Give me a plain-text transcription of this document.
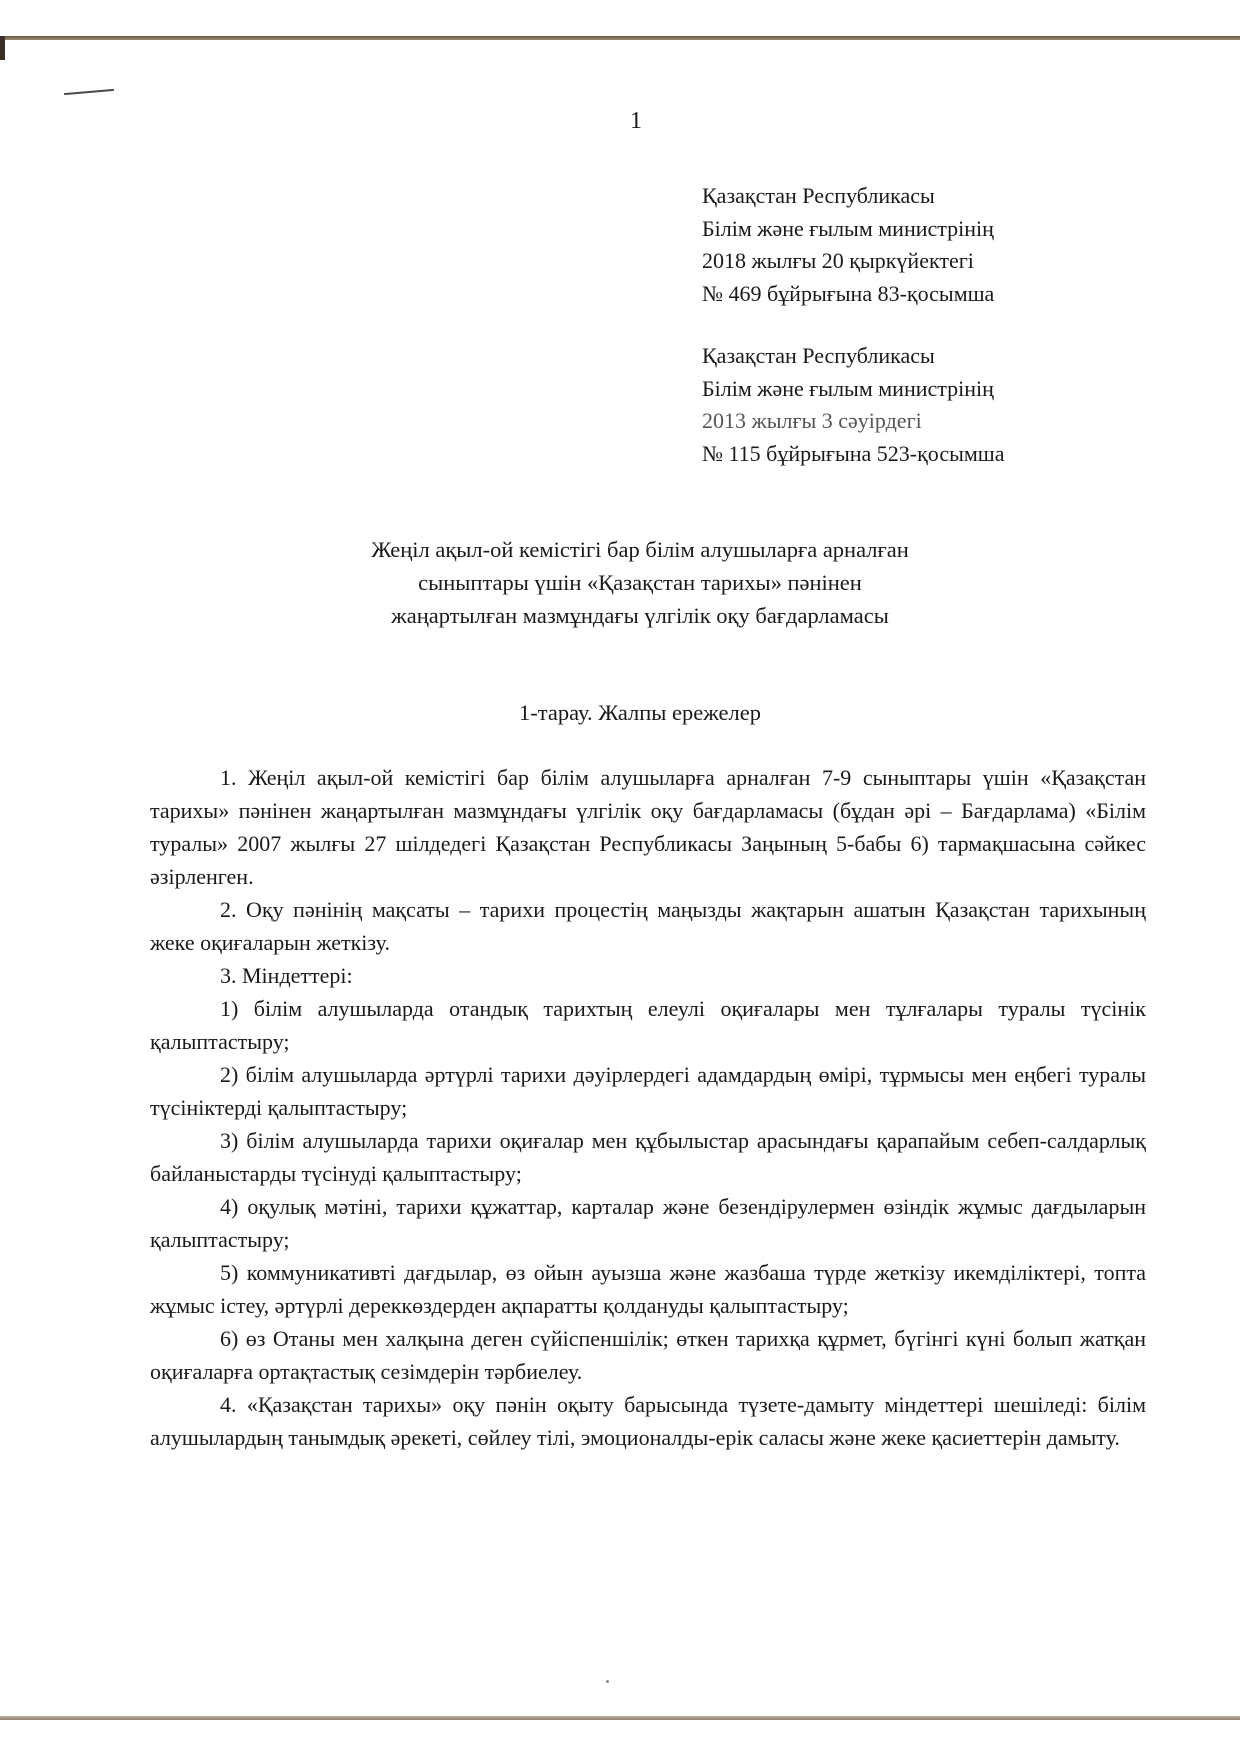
1
Қазақстан Республикасы
Білім және ғылым министрінің
2018 жылғы 20 қыркүйектегі
№ 469 бұйрығына 83-қосымша
Қазақстан Республикасы
Білім және ғылым министрінің
2013 жылғы 3 сәуірдегі
№ 115 бұйрығына 523-қосымша
Жеңіл ақыл-ой кемістігі бар білім алушыларға арналған
сыныптары үшін «Қазақстан тарихы» пәнінен
жаңартылған мазмұндағы үлгілік оқу бағдарламасы
1-тарау. Жалпы ережелер

1. Жеңіл ақыл-ой кемістігі бар білім алушыларға арналған 7-9 сыныптары үшін «Қазақстан тарихы» пәнінен жаңартылған мазмұндағы үлгілік оқу бағдарламасы (бұдан әрі – Бағдарлама) «Білім туралы» 2007 жылғы 27 шілдедегі Қазақстан Республикасы Заңының 5-бабы 6) тармақшасына сәйкес әзірленген.

2. Оқу пәнінің мақсаты – тарихи процестің маңызды жақтарын ашатын Қазақстан тарихының жеке оқиғаларын жеткізу.

3. Міндеттері:

1) білім алушыларда отандық тарихтың елеулі оқиғалары мен тұлғалары туралы түсінік қалыптастыру;

2) білім алушыларда әртүрлі тарихи дәуірлердегі адамдардың өмірі, тұрмысы мен еңбегі туралы түсініктерді қалыптастыру;

3) білім алушыларда тарихи оқиғалар мен құбылыстар арасындағы қарапайым себеп-салдарлық байланыстарды түсінуді қалыптастыру;

4) оқулық мәтіні, тарихи құжаттар, карталар және безендірулермен өзіндік жұмыс дағдыларын қалыптастыру;

5) коммуникативті дағдылар, өз ойын ауызша және жазбаша түрде жеткізу икемділіктері, топта жұмыс істеу, әртүрлі дереккөздерден ақпаратты қолдануды қалыптастыру;

6) өз Отаны мен халқына деген сүйіспеншілік; өткен тарихқа құрмет, бүгінгі күні болып жатқан оқиғаларға ортақтастық сезімдерін тәрбиелеу.

4. «Қазақстан тарихы» оқу пәнін оқыту барысында түзете-дамыту міндеттері шешіледі: білім алушылардың танымдық әрекеті, сөйлеу тілі, эмоционалды-ерік саласы және жеке қасиеттерін дамыту.
